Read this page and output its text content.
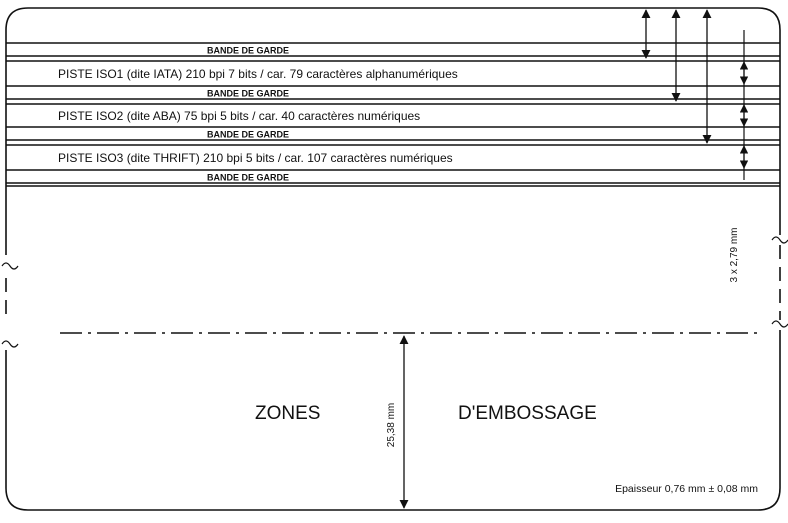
BANDE DE GARDE
BANDE DE GARDE
BANDE DE GARDE
BANDE DE GARDE
PISTE ISO1 (dite IATA) 210 bpi 7 bits / car. 79 caractères alphanumériques
PISTE ISO2 (dite ABA) 75 bpi 5 bits / car. 40 caractères numériques
PISTE ISO3 (dite THRIFT) 210 bpi 5 bits / car. 107 caractères numériques
3 x 2,79 mm
25,38 mm
ZONES	D'EMBOSSAGE
Epaisseur 0,76 mm ± 0,08 mm
